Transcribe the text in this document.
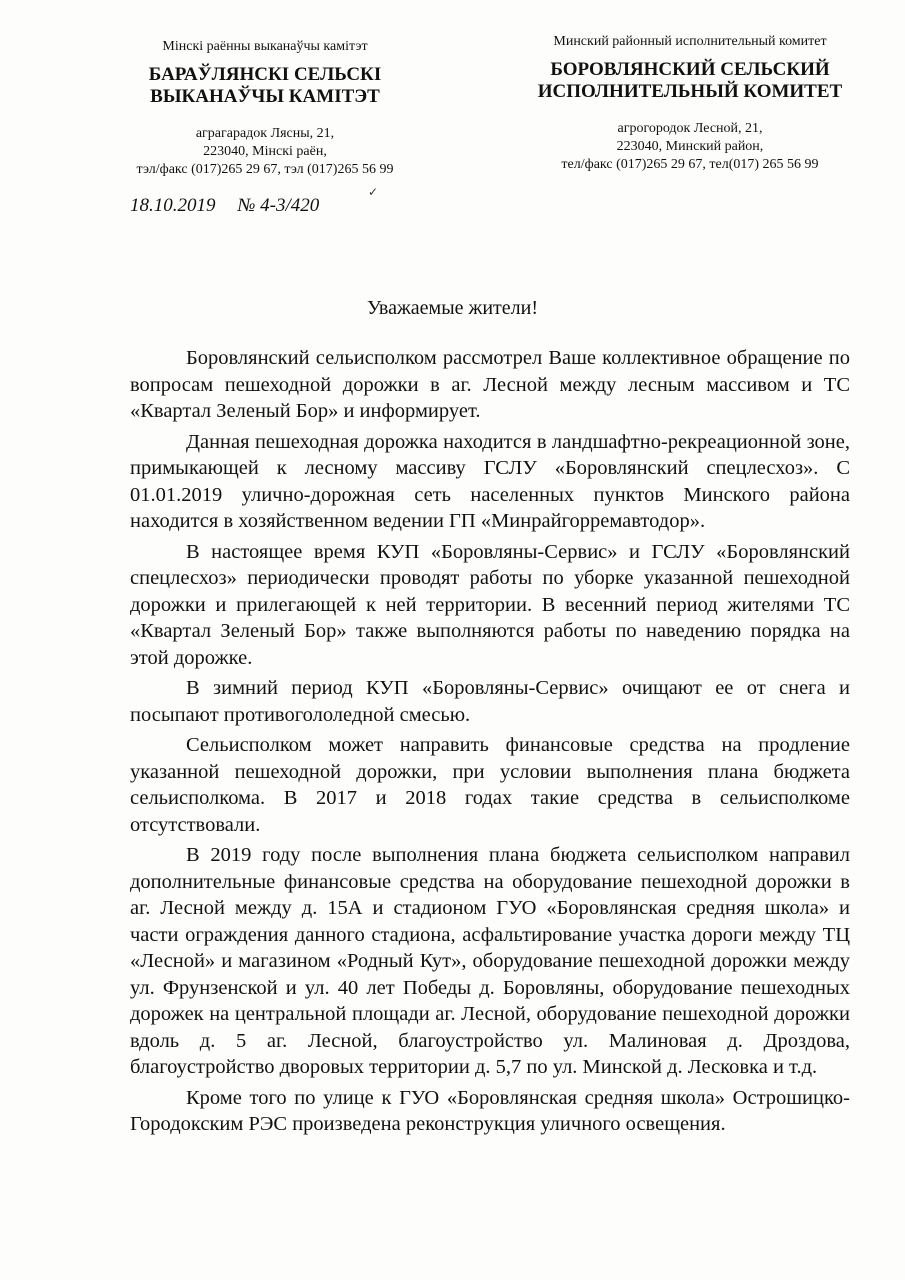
Мінскі раённы выканаўчы камітэт
БАРАЎЛЯНСКІ СЕЛЬСКІ
ВЫКАНАЎЧЫ КАМІТЭТ
аграгарадок Лясны, 21,
223040, Мінскі раён,
тэл/факс (017)265 29 67, тэл (017)265 56 99
Минский районный исполнительный комитет
БОРОВЛЯНСКИЙ СЕЛЬСКИЙ
ИСПОЛНИТЕЛЬНЫЙ КОМИТЕТ
агрогородок Лесной, 21,
223040, Минский район,
тел/факс (017)265 29 67, тел(017) 265 56 99
18.10.2019 № 4-3/420
✓
Уважаемые жители!

Боровлянский сельисполком рассмотрел Ваше коллективное обращение по вопросам пешеходной дорожки в аг. Лесной между лесным массивом и ТС «Квартал Зеленый Бор» и информирует.

Данная пешеходная дорожка находится в ландшафтно-рекреационной зоне, примыкающей к лесному массиву ГСЛУ «Боровлянский спецлесхоз». С 01.01.2019 улично-дорожная сеть населенных пунктов Минского района находится в хозяйственном ведении ГП «Минрайгорремавтодор».

В настоящее время КУП «Боровляны-Сервис» и ГСЛУ «Боровлянский спецлесхоз» периодически проводят работы по уборке указанной пешеходной дорожки и прилегающей к ней территории. В весенний период жителями ТС «Квартал Зеленый Бор» также выполняются работы по наведению порядка на этой дорожке.

В зимний период КУП «Боровляны-Сервис» очищают ее от снега и посыпают противогололедной смесью.

Сельисполком может направить финансовые средства на продление указанной пешеходной дорожки, при условии выполнения плана бюджета сельисполкома. В 2017 и 2018 годах такие средства в сельисполкоме отсутствовали.

В 2019 году после выполнения плана бюджета сельисполком направил дополнительные финансовые средства на оборудование пешеходной дорожки в аг. Лесной между д. 15А и стадионом ГУО «Боровлянская средняя школа» и части ограждения данного стадиона, асфальтирование участка дороги между ТЦ «Лесной» и магазином «Родный Кут», оборудование пешеходной дорожки между ул. Фрунзенской и ул. 40 лет Победы д. Боровляны, оборудование пешеходных дорожек на центральной площади аг. Лесной, оборудование пешеходной дорожки вдоль д. 5 аг. Лесной, благоустройство ул. Малиновая д. Дроздова, благоустройство дворовых территории д. 5,7 по ул. Минской д. Лесковка и т.д.

Кроме того по улице к ГУО «Боровлянская средняя школа» Острошицко-Городокским РЭС произведена реконструкция уличного освещения.
